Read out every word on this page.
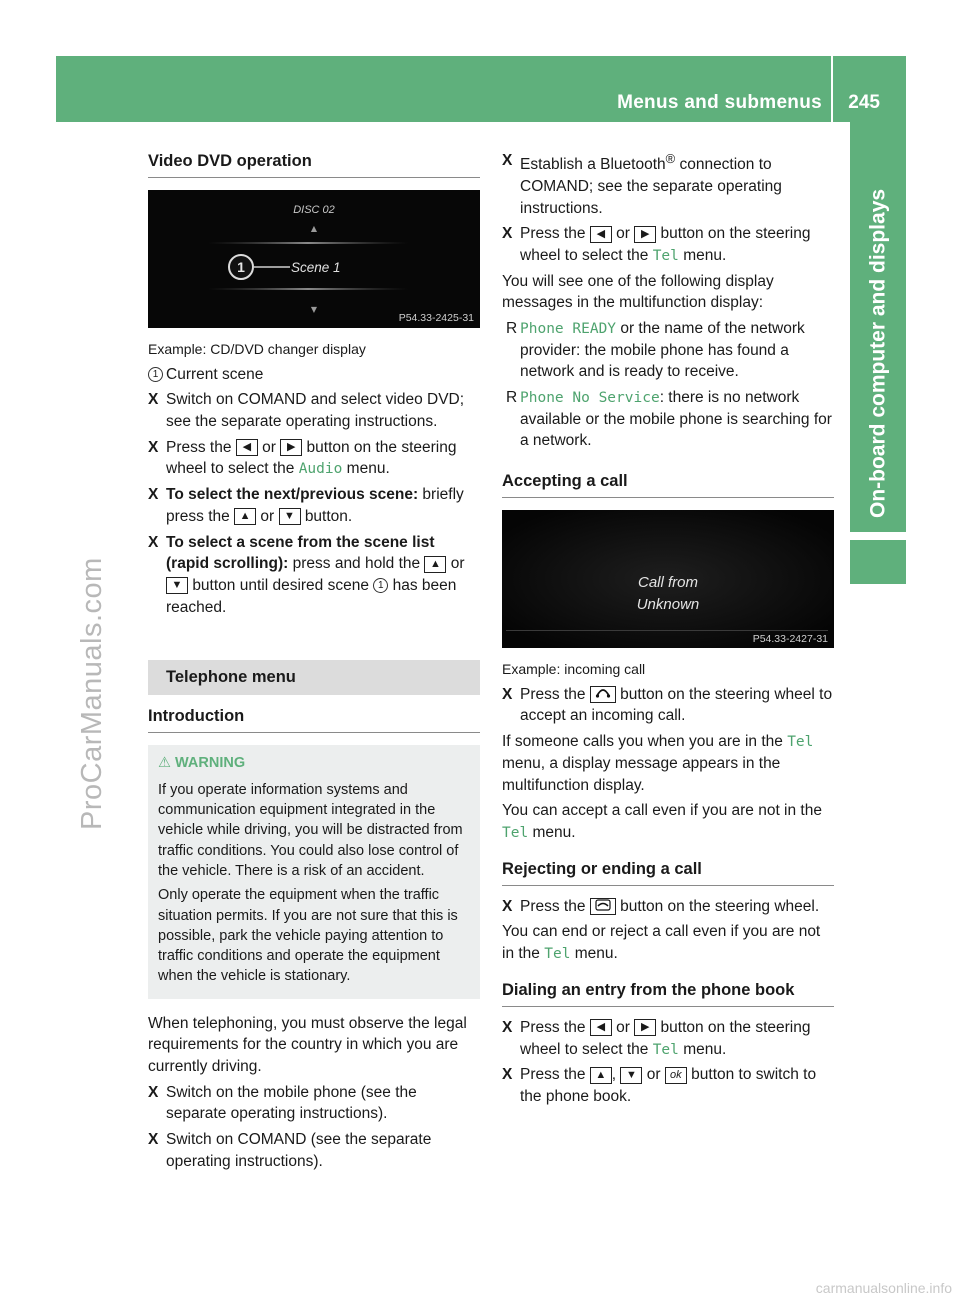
Menus and submenus 245
On-board computer and displays
ProCarManuals.com
carmanualsonline.info
Video DVD operation
1	Scene 1
DISC 02
▲
▼
P54.33-2425-31
Example: CD/DVD changer display
1 Current scene
X Switch on COMAND and select video DVD; see the separate operating instructions.
X Press the ◀ or ▶ button on the steering wheel to select the Audio menu.
X To select the next/previous scene: briefly press the ▲ or ▼ button.
X To select a scene from the scene list (rapid scrolling): press and hold the ▲ or ▼ button until desired scene 1 has been reached.
Telephone menu
Introduction
⚠ WARNING

If you operate information systems and communication equipment integrated in the vehicle while driving, you will be distracted from traffic conditions. You could also lose control of the vehicle. There is a risk of an accident.

Only operate the equipment when the traffic situation permits. If you are not sure that this is possible, park the vehicle paying attention to traffic conditions and operate the equipment when the vehicle is stationary.

When telephoning, you must observe the legal requirements for the country in which you are currently driving.

X Switch on the mobile phone (see the separate operating instructions).
X Switch on COMAND (see the separate operating instructions).
X Establish a Bluetooth® connection to COMAND; see the separate operating instructions.
X Press the ◀ or ▶ button on the steering wheel to select the Tel menu.

You will see one of the following display messages in the multifunction display:

R Phone READY or the name of the network provider: the mobile phone has found a network and is ready to receive.
R Phone No Service: there is no network available or the mobile phone is searching for a network.
Accepting a call
Call from
Unknown
P54.33-2427-31
Example: incoming call
X Press the button on the steering wheel to accept an incoming call.

If someone calls you when you are in the Tel menu, a display message appears in the multifunction display.

You can accept a call even if you are not in the Tel menu.

Rejecting or ending a call
X Press the button on the steering wheel.

You can end or reject a call even if you are not in the Tel menu.

Dialing an entry from the phone book
X Press the ◀ or ▶ button on the steering wheel to select the Tel menu.
X Press the ▲ , ▼ or ok button to switch to the phone book.
